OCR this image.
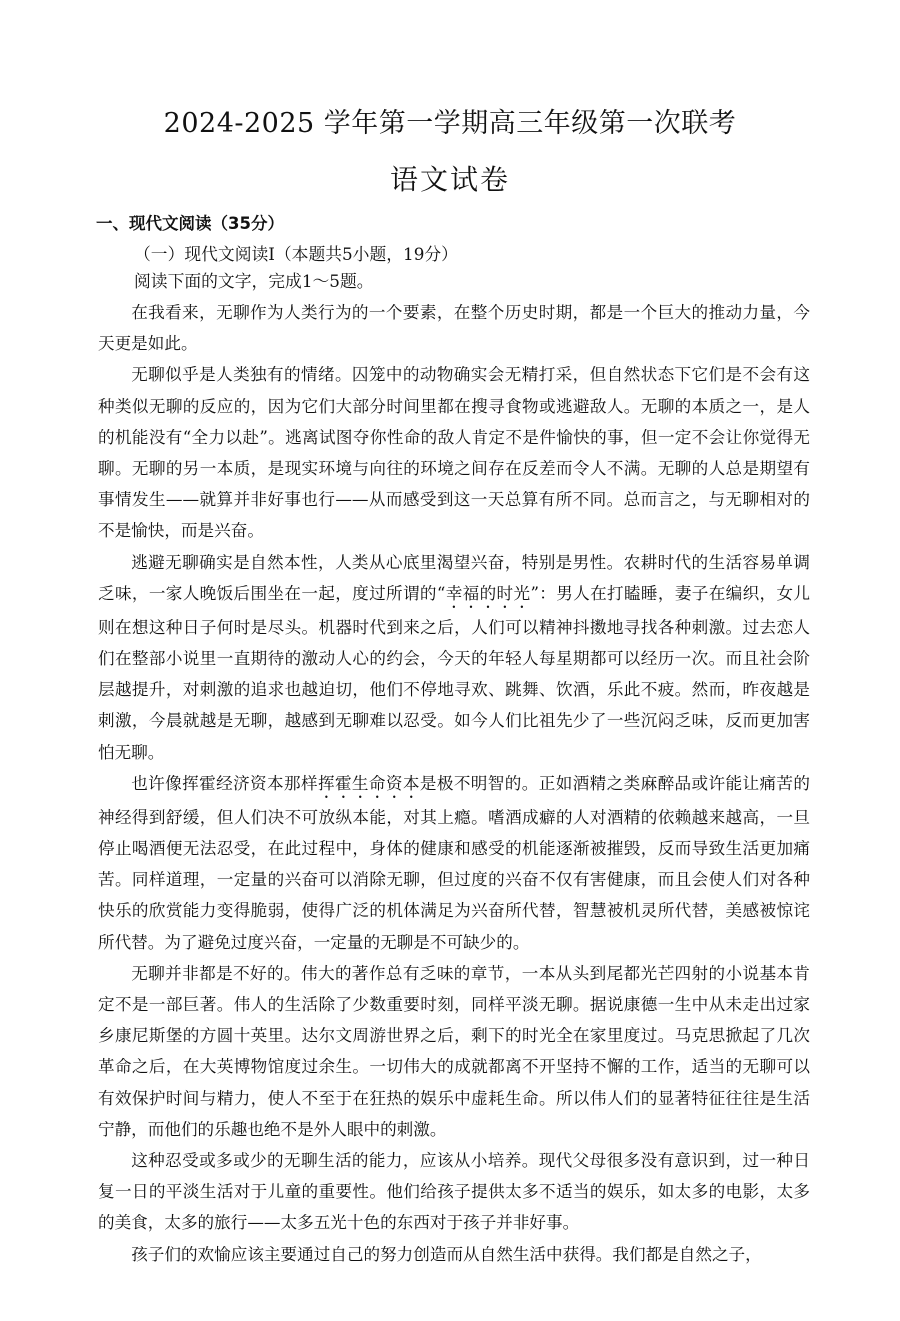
2024-2025 学年第一学期高三年级第一次联考
语文试卷
一、现代文阅读（35分）
（一）现代文阅读Ⅰ（本题共5小题，19分）
阅读下面的文字，完成1～5题。

在我看来，无聊作为人类行为的一个要素，在整个历史时期，都是一个巨大的推动力量，今天更是如此。

无聊似乎是人类独有的情绪。囚笼中的动物确实会无精打采，但自然状态下它们是不会有这种类似无聊的反应的，因为它们大部分时间里都在搜寻食物或逃避敌人。无聊的本质之一，是人的机能没有“全力以赴”。逃离试图夺你性命的敌人肯定不是件愉快的事，但一定不会让你觉得无聊。无聊的另一本质，是现实环境与向往的环境之间存在反差而令人不满。无聊的人总是期望有事情发生——就算并非好事也行——从而感受到这一天总算有所不同。总而言之，与无聊相对的不是愉快，而是兴奋。

逃避无聊确实是自然本性，人类从心底里渴望兴奋，特别是男性。农耕时代的生活容易单调乏味，一家人晚饭后围坐在一起，度过所谓的“幸福的时光”：男人在打瞌睡，妻子在编织，女儿则在想这种日子何时是尽头。机器时代到来之后，人们可以精神抖擞地寻找各种刺激。过去恋人们在整部小说里一直期待的激动人心的约会，今天的年轻人每星期都可以经历一次。而且社会阶层越提升，对刺激的追求也越迫切，他们不停地寻欢、跳舞、饮酒，乐此不疲。然而，昨夜越是刺激，今晨就越是无聊，越感到无聊难以忍受。如今人们比祖先少了一些沉闷乏味，反而更加害怕无聊。

也许像挥霍经济资本那样挥霍生命资本是极不明智的。正如酒精之类麻醉品或许能让痛苦的神经得到舒缓，但人们决不可放纵本能，对其上瘾。嗜酒成癖的人对酒精的依赖越来越高，一旦停止喝酒便无法忍受，在此过程中，身体的健康和感受的机能逐渐被摧毁，反而导致生活更加痛苦。同样道理，一定量的兴奋可以消除无聊，但过度的兴奋不仅有害健康，而且会使人们对各种快乐的欣赏能力变得脆弱，使得广泛的机体满足为兴奋所代替，智慧被机灵所代替，美感被惊诧所代替。为了避免过度兴奋，一定量的无聊是不可缺少的。

无聊并非都是不好的。伟大的著作总有乏味的章节，一本从头到尾都光芒四射的小说基本肯定不是一部巨著。伟人的生活除了少数重要时刻，同样平淡无聊。据说康德一生中从未走出过家乡康尼斯堡的方圆十英里。达尔文周游世界之后，剩下的时光全在家里度过。马克思掀起了几次革命之后，在大英博物馆度过余生。一切伟大的成就都离不开坚持不懈的工作，适当的无聊可以有效保护时间与精力，使人不至于在狂热的娱乐中虚耗生命。所以伟人们的显著特征往往是生活宁静，而他们的乐趣也绝不是外人眼中的刺激。

这种忍受或多或少的无聊生活的能力，应该从小培养。现代父母很多没有意识到，过一种日复一日的平淡生活对于儿童的重要性。他们给孩子提供太多不适当的娱乐，如太多的电影，太多的美食，太多的旅行——太多五光十色的东西对于孩子并非好事。

孩子们的欢愉应该主要通过自己的努力创造而从自然生活中获得。我们都是自然之子，
